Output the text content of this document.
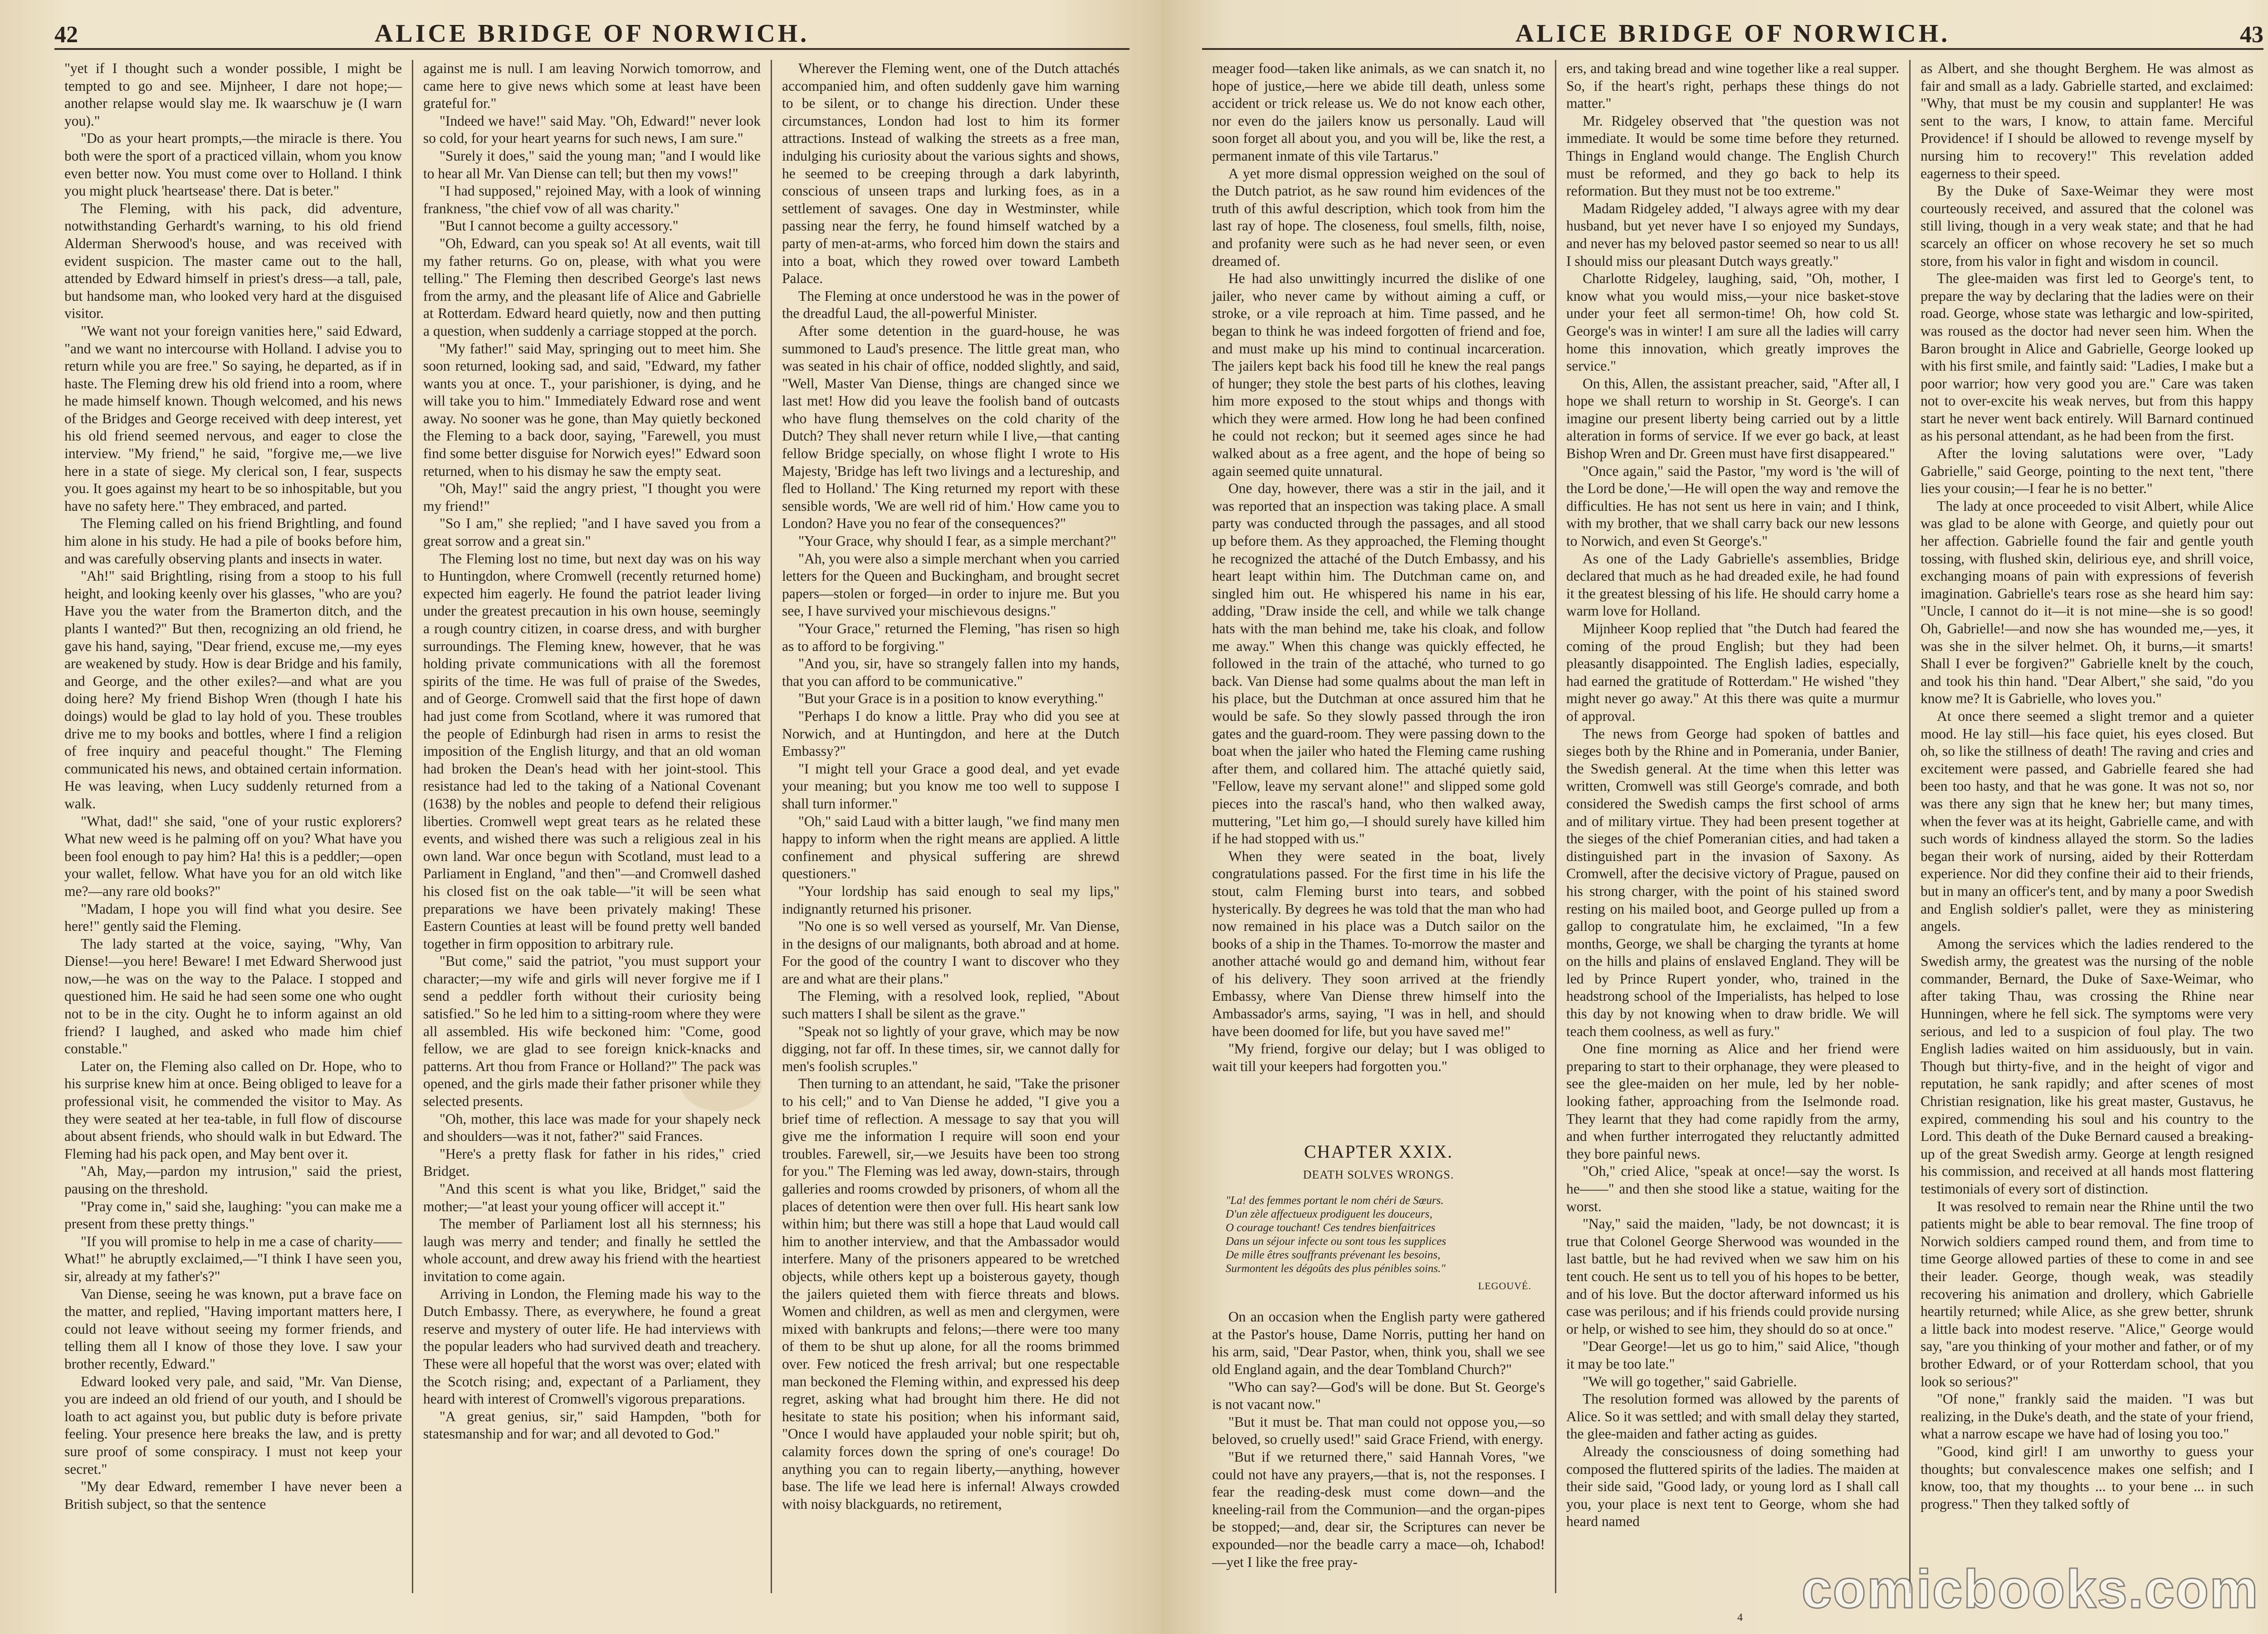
42	ALICE BRIDGE OF NORWICH.

"yet if I thought such a wonder possible, I might be tempted to go and see. Mijnheer, I dare not hope;—another relapse would slay me. Ik waarschuw je (I warn you)."

"Do as your heart prompts,—the miracle is there. You both were the sport of a practiced villain, whom you know even better now. You must come over to Holland. I think you might pluck 'heartsease' there. Dat is beter."

The Fleming, with his pack, did adventure, notwithstanding Gerhardt's warning, to his old friend Alderman Sherwood's house, and was received with evident suspicion. The master came out to the hall, attended by Edward himself in priest's dress—a tall, pale, but handsome man, who looked very hard at the disguised visitor.

"We want not your foreign vanities here," said Edward, "and we want no intercourse with Holland. I advise you to return while you are free." So saying, he departed, as if in haste. The Fleming drew his old friend into a room, where he made himself known. Though welcomed, and his news of the Bridges and George received with deep interest, yet his old friend seemed nervous, and eager to close the interview. "My friend," he said, "forgive me,—we live here in a state of siege. My clerical son, I fear, suspects you. It goes against my heart to be so inhospitable, but you have no safety here." They embraced, and parted.

The Fleming called on his friend Brightling, and found him alone in his study. He had a pile of books before him, and was carefully observing plants and insects in water.

"Ah!" said Brightling, rising from a stoop to his full height, and looking keenly over his glasses, "who are you? Have you the water from the Bramerton ditch, and the plants I wanted?" But then, recognizing an old friend, he gave his hand, saying, "Dear friend, excuse me,—my eyes are weakened by study. How is dear Bridge and his family, and George, and the other exiles?—and what are you doing here? My friend Bishop Wren (though I hate his doings) would be glad to lay hold of you. These troubles drive me to my books and bottles, where I find a religion of free inquiry and peaceful thought." The Fleming communicated his news, and obtained certain information. He was leaving, when Lucy suddenly returned from a walk.

"What, dad!" she said, "one of your rustic explorers? What new weed is he palming off on you? What have you been fool enough to pay him? Ha! this is a peddler;—open your wallet, fellow. What have you for an old witch like me?—any rare old books?"

"Madam, I hope you will find what you desire. See here!" gently said the Fleming.

The lady started at the voice, saying, "Why, Van Diense!—you here! Beware! I met Edward Sherwood just now,—he was on the way to the Palace. I stopped and questioned him. He said he had seen some one who ought not to be in the city. Ought he to inform against an old friend? I laughed, and asked who made him chief constable."

Later on, the Fleming also called on Dr. Hope, who to his surprise knew him at once. Being obliged to leave for a professional visit, he commended the visitor to May. As they were seated at her tea-table, in full flow of discourse about absent friends, who should walk in but Edward. The Fleming had his pack open, and May bent over it.

"Ah, May,—pardon my intrusion," said the priest, pausing on the threshold.

"Pray come in," said she, laughing: "you can make me a present from these pretty things."

"If you will promise to help in me a case of charity—— What!" he abruptly exclaimed,—"I think I have seen you, sir, already at my father's?"

Van Diense, seeing he was known, put a brave face on the matter, and replied, "Having important matters here, I could not leave without seeing my former friends, and telling them all I know of those they love. I saw your brother recently, Edward."

Edward looked very pale, and said, "Mr. Van Diense, you are indeed an old friend of our youth, and I should be loath to act against you, but public duty is before private feeling. Your presence here breaks the law, and is pretty sure proof of some conspiracy. I must not keep your secret."

"My dear Edward, remember I have never been a British subject, so that the sentence

against me is null. I am leaving Norwich tomorrow, and came here to give news which some at least have been grateful for."

"Indeed we have!" said May. "Oh, Edward!" never look so cold, for your heart yearns for such news, I am sure."

"Surely it does," said the young man; "and I would like to hear all Mr. Van Diense can tell; but then my vows!"

"I had supposed," rejoined May, with a look of winning frankness, "the chief vow of all was charity."

"But I cannot become a guilty accessory."

"Oh, Edward, can you speak so! At all events, wait till my father returns. Go on, please, with what you were telling." The Fleming then described George's last news from the army, and the pleasant life of Alice and Gabrielle at Rotterdam. Edward heard quietly, now and then putting a question, when suddenly a carriage stopped at the porch.

"My father!" said May, springing out to meet him. She soon returned, looking sad, and said, "Edward, my father wants you at once. T., your parishioner, is dying, and he will take you to him." Immediately Edward rose and went away. No sooner was he gone, than May quietly beckoned the Fleming to a back door, saying, "Farewell, you must find some better disguise for Norwich eyes!" Edward soon returned, when to his dismay he saw the empty seat.

"Oh, May!" said the angry priest, "I thought you were my friend!"

"So I am," she replied; "and I have saved you from a great sorrow and a great sin."

The Fleming lost no time, but next day was on his way to Huntingdon, where Cromwell (recently returned home) expected him eagerly. He found the patriot leader living under the greatest precaution in his own house, seemingly a rough country citizen, in coarse dress, and with burgher surroundings. The Fleming knew, however, that he was holding private communications with all the foremost spirits of the time. He was full of praise of the Swedes, and of George. Cromwell said that the first hope of dawn had just come from Scotland, where it was rumored that the people of Edinburgh had risen in arms to resist the imposition of the English liturgy, and that an old woman had broken the Dean's head with her joint-stool. This resistance had led to the taking of a National Covenant (1638) by the nobles and people to defend their religious liberties. Cromwell wept great tears as he related these events, and wished there was such a religious zeal in his own land. War once begun with Scotland, must lead to a Parliament in England, "and then"—and Cromwell dashed his closed fist on the oak table—"it will be seen what preparations we have been privately making! These Eastern Counties at least will be found pretty well banded together in firm opposition to arbitrary rule.

"But come," said the patriot, "you must support your character;—my wife and girls will never forgive me if I send a peddler forth without their curiosity being satisfied." So he led him to a sitting-room where they were all assembled. His wife beckoned him: "Come, good fellow, we are glad to see foreign knick-knacks and patterns. Art thou from France or Holland?" The pack was opened, and the girls made their father prisoner while they selected presents.

"Oh, mother, this lace was made for your shapely neck and shoulders—was it not, father?" said Frances.

"Here's a pretty flask for father in his rides," cried Bridget.

"And this scent is what you like, Bridget," said the mother;—"at least your young officer will accept it."

The member of Parliament lost all his sternness; his laugh was merry and tender; and finally he settled the whole account, and drew away his friend with the heartiest invitation to come again.

Arriving in London, the Fleming made his way to the Dutch Embassy. There, as everywhere, he found a great reserve and mystery of outer life. He had interviews with the popular leaders who had survived death and treachery. These were all hopeful that the worst was over; elated with the Scotch rising; and, expectant of a Parliament, they heard with interest of Cromwell's vigorous preparations.

"A great genius, sir," said Hampden, "both for statesmanship and for war; and all devoted to God."

Wherever the Fleming went, one of the Dutch attachés accompanied him, and often suddenly gave him warning to be silent, or to change his direction. Under these circumstances, London had lost to him its former attractions. Instead of walking the streets as a free man, indulging his curiosity about the various sights and shows, he seemed to be creeping through a dark labyrinth, conscious of unseen traps and lurking foes, as in a settlement of savages. One day in Westminster, while passing near the ferry, he found himself watched by a party of men-at-arms, who forced him down the stairs and into a boat, which they rowed over toward Lambeth Palace.

The Fleming at once understood he was in the power of the dreadful Laud, the all-powerful Minister.

After some detention in the guard-house, he was summoned to Laud's presence. The little great man, who was seated in his chair of office, nodded slightly, and said, "Well, Master Van Diense, things are changed since we last met! How did you leave the foolish band of outcasts who have flung themselves on the cold charity of the Dutch? They shall never return while I live,—that canting fellow Bridge specially, on whose flight I wrote to His Majesty, 'Bridge has left two livings and a lectureship, and fled to Holland.' The King returned my report with these sensible words, 'We are well rid of him.' How came you to London? Have you no fear of the consequences?"

"Your Grace, why should I fear, as a simple merchant?"

"Ah, you were also a simple merchant when you carried letters for the Queen and Buckingham, and brought secret papers—stolen or forged—in order to injure me. But you see, I have survived your mischievous designs."

"Your Grace," returned the Fleming, "has risen so high as to afford to be forgiving."

"And you, sir, have so strangely fallen into my hands, that you can afford to be communicative."

"But your Grace is in a position to know everything."

"Perhaps I do know a little. Pray who did you see at Norwich, and at Huntingdon, and here at the Dutch Embassy?"

"I might tell your Grace a good deal, and yet evade your meaning; but you know me too well to suppose I shall turn informer."

"Oh," said Laud with a bitter laugh, "we find many men happy to inform when the right means are applied. A little confinement and physical suffering are shrewd questioners."

"Your lordship has said enough to seal my lips," indignantly returned his prisoner.

"No one is so well versed as yourself, Mr. Van Diense, in the designs of our malignants, both abroad and at home. For the good of the country I want to discover who they are and what are their plans."

The Fleming, with a resolved look, replied, "About such matters I shall be silent as the grave."

"Speak not so lightly of your grave, which may be now digging, not far off. In these times, sir, we cannot dally for men's foolish scruples."

Then turning to an attendant, he said, "Take the prisoner to his cell;" and to Van Diense he added, "I give you a brief time of reflection. A message to say that you will give me the information I require will soon end your troubles. Farewell, sir,—we Jesuits have been too strong for you." The Fleming was led away, down-stairs, through galleries and rooms crowded by prisoners, of whom all the places of detention were then over full. His heart sank low within him; but there was still a hope that Laud would call him to another interview, and that the Ambassador would interfere. Many of the prisoners appeared to be wretched objects, while others kept up a boisterous gayety, though the jailers quieted them with fierce threats and blows. Women and children, as well as men and clergymen, were mixed with bankrupts and felons;—there were too many of them to be shut up alone, for all the rooms brimmed over. Few noticed the fresh arrival; but one respectable man beckoned the Fleming within, and expressed his deep regret, asking what had brought him there. He did not hesitate to state his position; when his informant said, "Once I would have applauded your noble spirit; but oh, calamity forces down the spring of one's courage! Do anything you can to regain liberty,—anything, however base. The life we lead here is infernal! Always crowded with noisy blackguards, no retirement,

ALICE BRIDGE OF NORWICH.	43

meager food—taken like animals, as we can snatch it, no hope of justice,—here we abide till death, unless some accident or trick release us. We do not know each other, nor even do the jailers know us personally. Laud will soon forget all about you, and you will be, like the rest, a permanent inmate of this vile Tartarus."

A yet more dismal oppression weighed on the soul of the Dutch patriot, as he saw round him evidences of the truth of this awful description, which took from him the last ray of hope. The closeness, foul smells, filth, noise, and profanity were such as he had never seen, or even dreamed of.

He had also unwittingly incurred the dislike of one jailer, who never came by without aiming a cuff, or stroke, or a vile reproach at him. Time passed, and he began to think he was indeed forgotten of friend and foe, and must make up his mind to continual incarceration. The jailers kept back his food till he knew the real pangs of hunger; they stole the best parts of his clothes, leaving him more exposed to the stout whips and thongs with which they were armed. How long he had been confined he could not reckon; but it seemed ages since he had walked about as a free agent, and the hope of being so again seemed quite unnatural.

One day, however, there was a stir in the jail, and it was reported that an inspection was taking place. A small party was conducted through the passages, and all stood up before them. As they approached, the Fleming thought he recognized the attaché of the Dutch Embassy, and his heart leapt within him. The Dutchman came on, and singled him out. He whispered his name in his ear, adding, "Draw inside the cell, and while we talk change hats with the man behind me, take his cloak, and follow me away." When this change was quickly effected, he followed in the train of the attaché, who turned to go back. Van Diense had some qualms about the man left in his place, but the Dutchman at once assured him that he would be safe. So they slowly passed through the iron gates and the guard-room. They were passing down to the boat when the jailer who hated the Fleming came rushing after them, and collared him. The attaché quietly said, "Fellow, leave my servant alone!" and slipped some gold pieces into the rascal's hand, who then walked away, muttering, "Let him go,—I should surely have killed him if he had stopped with us."

When they were seated in the boat, lively congratulations passed. For the first time in his life the stout, calm Fleming burst into tears, and sobbed hysterically. By degrees he was told that the man who had now remained in his place was a Dutch sailor on the books of a ship in the Thames. To-morrow the master and another attaché would go and demand him, without fear of his delivery. They soon arrived at the friendly Embassy, where Van Diense threw himself into the Ambassador's arms, saying, "I was in hell, and should have been doomed for life, but you have saved me!"

"My friend, forgive our delay; but I was obliged to wait till your keepers had forgotten you."

CHAPTER XXIX.
DEATH SOLVES WRONGS.
"La! des femmes portant le nom chéri de Sœurs.
D'un zèle affectueux prodiguent les douceurs,
O courage touchant! Ces tendres bienfaitrices
Dans un séjour infecte ou sont tous les supplices
De mille êtres souffrants prévenant les besoins,
Surmontent les dégoûts des plus pénibles soins."
LEGOUVÉ.

On an occasion when the English party were gathered at the Pastor's house, Dame Norris, putting her hand on his arm, said, "Dear Pastor, when, think you, shall we see old England again, and the dear Tombland Church?"

"Who can say?—God's will be done. But St. George's is not vacant now."

"But it must be. That man could not oppose you,—so beloved, so cruelly used!" said Grace Friend, with energy.

"But if we returned there," said Hannah Vores, "we could not have any prayers,—that is, not the responses. I fear the reading-desk must come down—and the kneeling-rail from the Communion—and the organ-pipes be stopped;—and, dear sir, the Scriptures can never be expounded—nor the beadle carry a mace—oh, Ichabod!—yet I like the free pray-

ers, and taking bread and wine together like a real supper. So, if the heart's right, perhaps these things do not matter."

Mr. Ridgeley observed that "the question was not immediate. It would be some time before they returned. Things in England would change. The English Church must be reformed, and they go back to help its reformation. But they must not be too extreme."

Madam Ridgeley added, "I always agree with my dear husband, but yet never have I so enjoyed my Sundays, and never has my beloved pastor seemed so near to us all! I should miss our pleasant Dutch ways greatly."

Charlotte Ridgeley, laughing, said, "Oh, mother, I know what you would miss,—your nice basket-stove under your feet all sermon-time! Oh, how cold St. George's was in winter! I am sure all the ladies will carry home this innovation, which greatly improves the service."

On this, Allen, the assistant preacher, said, "After all, I hope we shall return to worship in St. George's. I can imagine our present liberty being carried out by a little alteration in forms of service. If we ever go back, at least Bishop Wren and Dr. Green must have first disappeared."

"Once again," said the Pastor, "my word is 'the will of the Lord be done,'—He will open the way and remove the difficulties. He has not sent us here in vain; and I think, with my brother, that we shall carry back our new lessons to Norwich, and even St George's."

As one of the Lady Gabrielle's assemblies, Bridge declared that much as he had dreaded exile, he had found it the greatest blessing of his life. He should carry home a warm love for Holland.

Mijnheer Koop replied that "the Dutch had feared the coming of the proud English; but they had been pleasantly disappointed. The English ladies, especially, had earned the gratitude of Rotterdam." He wished "they might never go away." At this there was quite a murmur of approval.

The news from George had spoken of battles and sieges both by the Rhine and in Pomerania, under Banier, the Swedish general. At the time when this letter was written, Cromwell was still George's comrade, and both considered the Swedish camps the first school of arms and of military virtue. They had been present together at the sieges of the chief Pomeranian cities, and had taken a distinguished part in the invasion of Saxony. As Cromwell, after the decisive victory of Prague, paused on his strong charger, with the point of his stained sword resting on his mailed boot, and George pulled up from a gallop to congratulate him, he exclaimed, "In a few months, George, we shall be charging the tyrants at home on the hills and plains of enslaved England. They will be led by Prince Rupert yonder, who, trained in the headstrong school of the Imperialists, has helped to lose this day by not knowing when to draw bridle. We will teach them coolness, as well as fury."

One fine morning as Alice and her friend were preparing to start to their orphanage, they were pleased to see the glee-maiden on her mule, led by her noble-looking father, approaching from the Iselmonde road. They learnt that they had come rapidly from the army, and when further interrogated they reluctantly admitted they bore painful news.

"Oh," cried Alice, "speak at once!—say the worst. Is he——" and then she stood like a statue, waiting for the worst.

"Nay," said the maiden, "lady, be not downcast; it is true that Colonel George Sherwood was wounded in the last battle, but he had revived when we saw him on his tent couch. He sent us to tell you of his hopes to be better, and of his love. But the doctor afterward informed us his case was perilous; and if his friends could provide nursing or help, or wished to see him, they should do so at once."

"Dear George!—let us go to him," said Alice, "though it may be too late."

"We will go together," said Gabrielle.

The resolution formed was allowed by the parents of Alice. So it was settled; and with small delay they started, the glee-maiden and father acting as guides.

Already the consciousness of doing something had composed the fluttered spirits of the ladies. The maiden at their side said, "Good lady, or young lord as I shall call you, your place is next tent to George, whom she had heard named

as Albert, and she thought Berghem. He was almost as fair and small as a lady. Gabrielle started, and exclaimed: "Why, that must be my cousin and supplanter! He was sent to the wars, I know, to attain fame. Merciful Providence! if I should be allowed to revenge myself by nursing him to recovery!" This revelation added eagerness to their speed.

By the Duke of Saxe-Weimar they were most courteously received, and assured that the colonel was still living, though in a very weak state; and that he had scarcely an officer on whose recovery he set so much store, from his valor in fight and wisdom in council.

The glee-maiden was first led to George's tent, to prepare the way by declaring that the ladies were on their road. George, whose state was lethargic and low-spirited, was roused as the doctor had never seen him. When the Baron brought in Alice and Gabrielle, George looked up with his first smile, and faintly said: "Ladies, I make but a poor warrior; how very good you are." Care was taken not to over-excite his weak nerves, but from this happy start he never went back entirely. Will Barnard continued as his personal attendant, as he had been from the first.

After the loving salutations were over, "Lady Gabrielle," said George, pointing to the next tent, "there lies your cousin;—I fear he is no better."

The lady at once proceeded to visit Albert, while Alice was glad to be alone with George, and quietly pour out her affection. Gabrielle found the fair and gentle youth tossing, with flushed skin, delirious eye, and shrill voice, exchanging moans of pain with expressions of feverish imagination. Gabrielle's tears rose as she heard him say: "Uncle, I cannot do it—it is not mine—she is so good! Oh, Gabrielle!—and now she has wounded me,—yes, it was she in the silver helmet. Oh, it burns,—it smarts! Shall I ever be forgiven?" Gabrielle knelt by the couch, and took his thin hand. "Dear Albert," she said, "do you know me? It is Gabrielle, who loves you."

At once there seemed a slight tremor and a quieter mood. He lay still—his face quiet, his eyes closed. But oh, so like the stillness of death! The raving and cries and excitement were passed, and Gabrielle feared she had been too hasty, and that he was gone. It was not so, nor was there any sign that he knew her; but many times, when the fever was at its height, Gabrielle came, and with such words of kindness allayed the storm. So the ladies began their work of nursing, aided by their Rotterdam experience. Nor did they confine their aid to their friends, but in many an officer's tent, and by many a poor Swedish and English soldier's pallet, were they as ministering angels.

Among the services which the ladies rendered to the Swedish army, the greatest was the nursing of the noble commander, Bernard, the Duke of Saxe-Weimar, who after taking Thau, was crossing the Rhine near Hunningen, where he fell sick. The symptoms were very serious, and led to a suspicion of foul play. The two English ladies waited on him assiduously, but in vain. Though but thirty-five, and in the height of vigor and reputation, he sank rapidly; and after scenes of most Christian resignation, like his great master, Gustavus, he expired, commending his soul and his country to the Lord. This death of the Duke Bernard caused a breaking-up of the great Swedish army. George at length resigned his commission, and received at all hands most flattering testimonials of every sort of distinction.

It was resolved to remain near the Rhine until the two patients might be able to bear removal. The fine troop of Norwich soldiers camped round them, and from time to time George allowed parties of these to come in and see their leader. George, though weak, was steadily recovering his animation and drollery, which Gabrielle heartily returned; while Alice, as she grew better, shrunk a little back into modest reserve. "Alice," George would say, "are you thinking of your mother and father, or of my brother Edward, or of your Rotterdam school, that you look so serious?"

"Of none," frankly said the maiden. "I was but realizing, in the Duke's death, and the state of your friend, what a narrow escape we have had of losing you too."

"Good, kind girl! I am unworthy to guess your thoughts; but convalescence makes one selfish; and I know, too, that my thoughts ... to your bene ... in such progress." Then they talked softly of

4 comicbooks.com
